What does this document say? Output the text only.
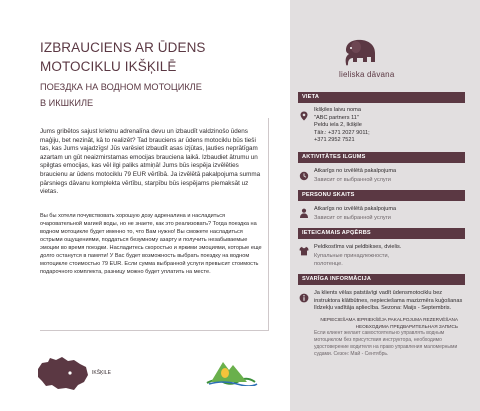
IZBRAUCIENS AR ŪDENS
MOTOCIKLU IKŠĶILĒ
ПОЕЗДКА НА ВОДНОМ МОТОЦИКЛЕ
В ИКШКИЛЕ

Jums gribētos sajust krietnu adrenalīna devu un izbaudīt valdzinošo ūdens maģiju, bet nezināt, kā to realizēt? Tad brauciens ar ūdens motociklu būs tieši tas, kas Jums vajadzīgs! Jūs varēsiet izbaudīt asas izjūtas, ļauties neprātīgam azartam un gūt neaizmirstamas emocijas brauciena laikā. Izbaudiet ātrumu un spilgtas emocijas, kas vēl ilgi paliks atmiņā! Jums būs iespēja izvēlēties braucienu ar ūdens motociklu 79 EUR vērtībā. Ja izvēlētā pakalpojuma summa pārsniegs dāvanu komplekta vērtību, starpību būs iespējams piemaksāt uz vietas.

Вы бы хотели почувствовать хорошую дозу адреналина и насладиться очаровательной магией воды, но не знаете, как это реализовать? Тогда поездка на водном мотоцикле будет именно то, что Вам нужно! Вы сможете насладиться острыми ощущениями, поддаться безумному азарту и получить незабываемые эмоции во время поездки. Насладитесь скоростью и яркими эмоциями, которые еще долго останутся в памяти! У Вас будет возможность выбрать поездку на водном мотоцикле стоимостью 79 EUR. Если сумма выбранной услуги превысит стоимость подарочного комплекта, разницу можно будет уплатить на месте.

NEPIECIEŠAMA IEPRIEKŠĒJA PAKALPOJUMA REZERVĒŠANA
НЕОБХОДИМА ПРЕДВАРИТЕЛЬНАЯ ЗАПИСЬ
IKŠĶILE
lieliska dāvana
VIETA
Ikšķiles laivu noma
"ABC partners 11"
Peldu iela 2, Ikšķile
Tālr.: +371 2027 9011;
+371 2952 7521
AKTIVITĀTES ILGUMS
Atkarīgs no izvēlētā pakalpojuma
Зависит от выбранной услуги
PERSONU SKAITS
Atkarīgs no izvēlētā pakalpojuma
Зависит от выбранной услуги
IETEICAMAIS APĢĒRBS
Peldkostīms vai peldbikses, dvielis.
Купальные принадлежности,
полотенце.
SVARĪGA INFORMĀCIJA
Ja klients vēlas patstāvīgi vadīt ūdensmotociklu bez instruktora klātbūtnes, nepieciešama mazizmēra kuģošanas līdzekļu vadītāja apliecība. Sezona: Maijs - Septembris.
Если клиент желает самостоятельно управлять водным мотоциклом без присутствия инструктора, необходимо удостоверение водителя на право управления маломерными судами. Сезон: Май - Сентябрь.
